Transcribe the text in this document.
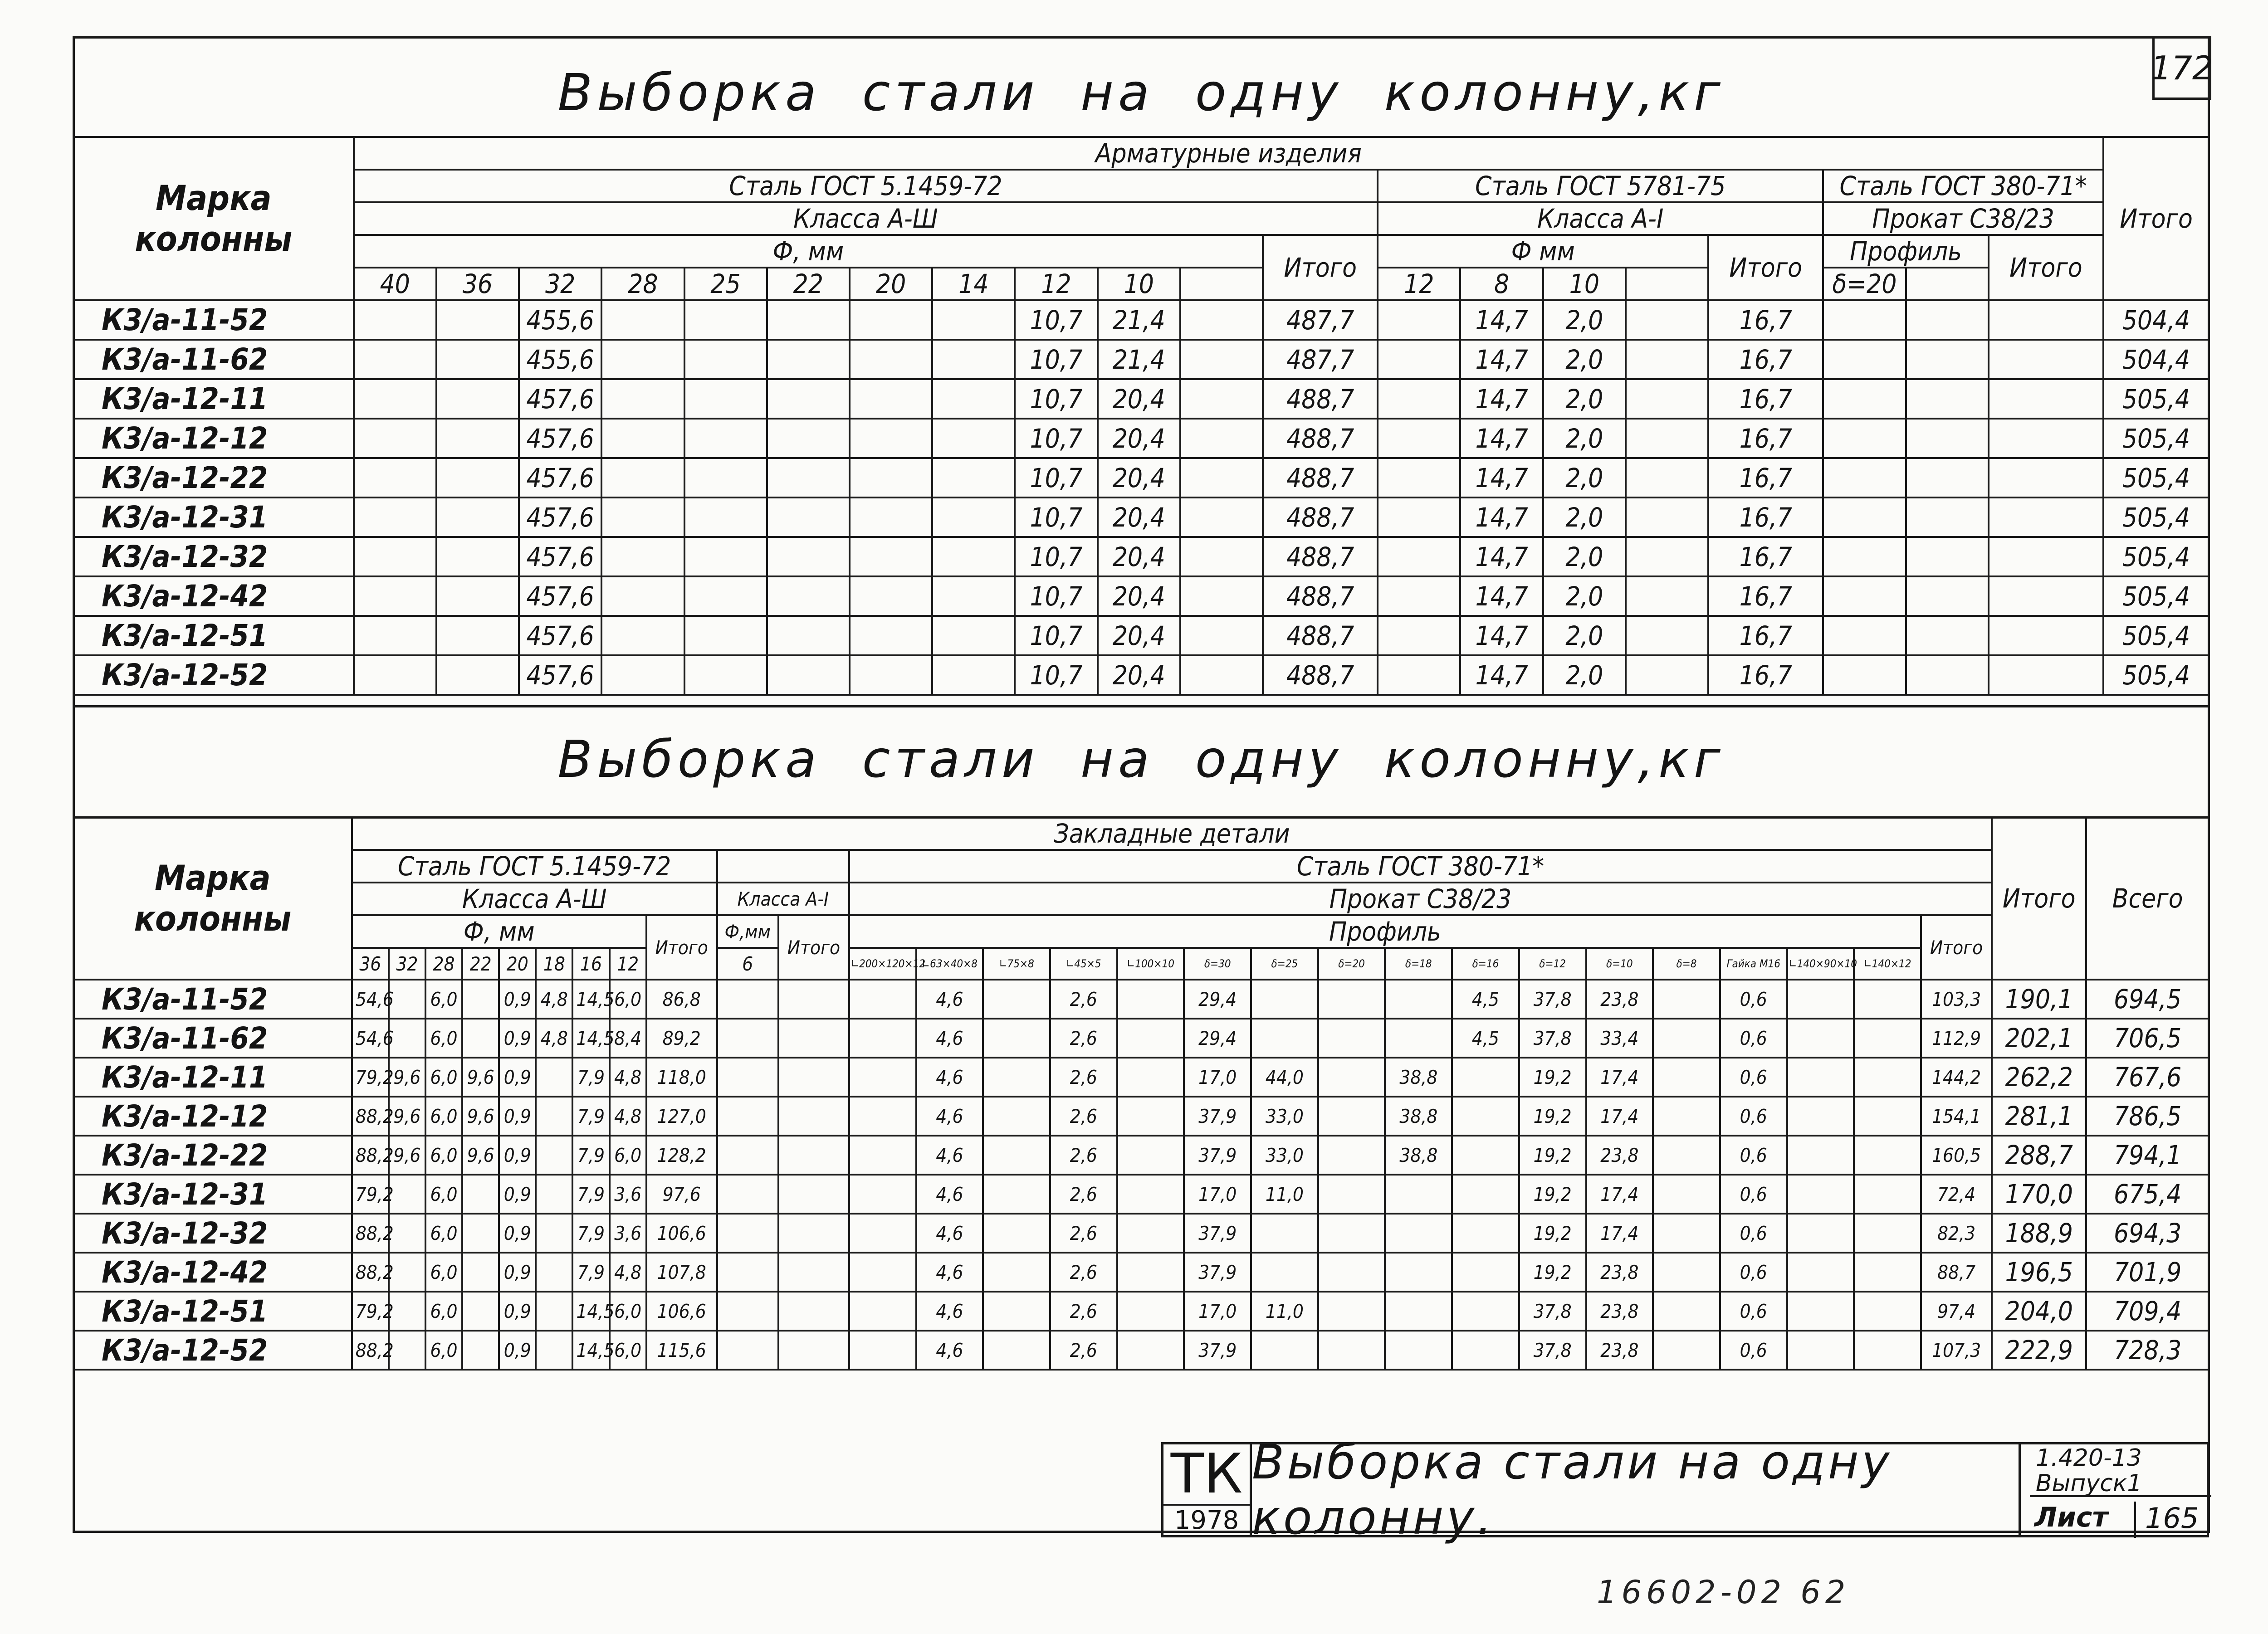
172
Выборка  стали  на  одну  колонну,кг
Марка колонны	Арматурные изделия																				Итого
	Сталь ГОСТ 5.1459-72												Сталь ГОСТ 5781-75					Сталь ГОСТ 380-71*			
	Класса А-Ш												Класса А-I					Прокат С38/23			
	Ф, мм											Итого	Ф мм				Итого	Профиль		Итого	
	40	36	32	28	25	22	20	14	12	10			12	8	10			δ=20			
К3/а-11-52			455,6						10,7	21,4		487,7		14,7	2,0		16,7				504,4
К3/а-11-62			455,6						10,7	21,4		487,7		14,7	2,0		16,7				504,4
К3/а-12-11			457,6						10,7	20,4		488,7		14,7	2,0		16,7				505,4
К3/а-12-12			457,6						10,7	20,4		488,7		14,7	2,0		16,7				505,4
К3/а-12-22			457,6						10,7	20,4		488,7		14,7	2,0		16,7				505,4
К3/а-12-31			457,6						10,7	20,4		488,7		14,7	2,0		16,7				505,4
К3/а-12-32			457,6						10,7	20,4		488,7		14,7	2,0		16,7				505,4
К3/а-12-42			457,6						10,7	20,4		488,7		14,7	2,0		16,7				505,4
К3/а-12-51			457,6						10,7	20,4		488,7		14,7	2,0		16,7				505,4
К3/а-12-52			457,6						10,7	20,4		488,7		14,7	2,0		16,7				505,4
Выборка  стали  на  одну  колонну,кг
Марка колонны	Закладные детали																												Итого	Всего
	Сталь ГОСТ 5.1459-72											Сталь ГОСТ 380-71*																		
	Класса А-Ш									Класса А-I		Прокат С38/23																		
	Ф, мм								Итого	Ф,мм	Итого	Профиль																Итого		
	36	32	28	22	20	18	16	12		6		∟200×120×12	∟63×40×8	∟75×8	∟45×5	∟100×10	δ=30	δ=25	δ=20	δ=18	δ=16	δ=12	δ=10	δ=8	Гайка М16	∟140×90×10	∟140×12			
К3/а-11-52	54,6		6,0		0,9	4,8	14,5	6,0	86,8				4,6		2,6		29,4				4,5	37,8	23,8		0,6			103,3	190,1	694,5
К3/а-11-62	54,6		6,0		0,9	4,8	14,5	8,4	89,2				4,6		2,6		29,4				4,5	37,8	33,4		0,6			112,9	202,1	706,5
К3/а-12-11	79,2	9,6	6,0	9,6	0,9		7,9	4,8	118,0				4,6		2,6		17,0	44,0		38,8		19,2	17,4		0,6			144,2	262,2	767,6
К3/а-12-12	88,2	9,6	6,0	9,6	0,9		7,9	4,8	127,0				4,6		2,6		37,9	33,0		38,8		19,2	17,4		0,6			154,1	281,1	786,5
К3/а-12-22	88,2	9,6	6,0	9,6	0,9		7,9	6,0	128,2				4,6		2,6		37,9	33,0		38,8		19,2	23,8		0,6			160,5	288,7	794,1
К3/а-12-31	79,2		6,0		0,9		7,9	3,6	97,6				4,6		2,6		17,0	11,0				19,2	17,4		0,6			72,4	170,0	675,4
К3/а-12-32	88,2		6,0		0,9		7,9	3,6	106,6				4,6		2,6		37,9					19,2	17,4		0,6			82,3	188,9	694,3
К3/а-12-42	88,2		6,0		0,9		7,9	4,8	107,8				4,6		2,6		37,9					19,2	23,8		0,6			88,7	196,5	701,9
К3/а-12-51	79,2		6,0		0,9		14,5	6,0	106,6				4,6		2,6		17,0	11,0				37,8	23,8		0,6			97,4	204,0	709,4
К3/а-12-52	88,2		6,0		0,9		14,5	6,0	115,6				4,6		2,6		37,9					37,8	23,8		0,6			107,3	222,9	728,3
ТК
1978
Выборка стали на одну колонну.
1.420-13
Выпуск1
Лист	165
16602-02 62
